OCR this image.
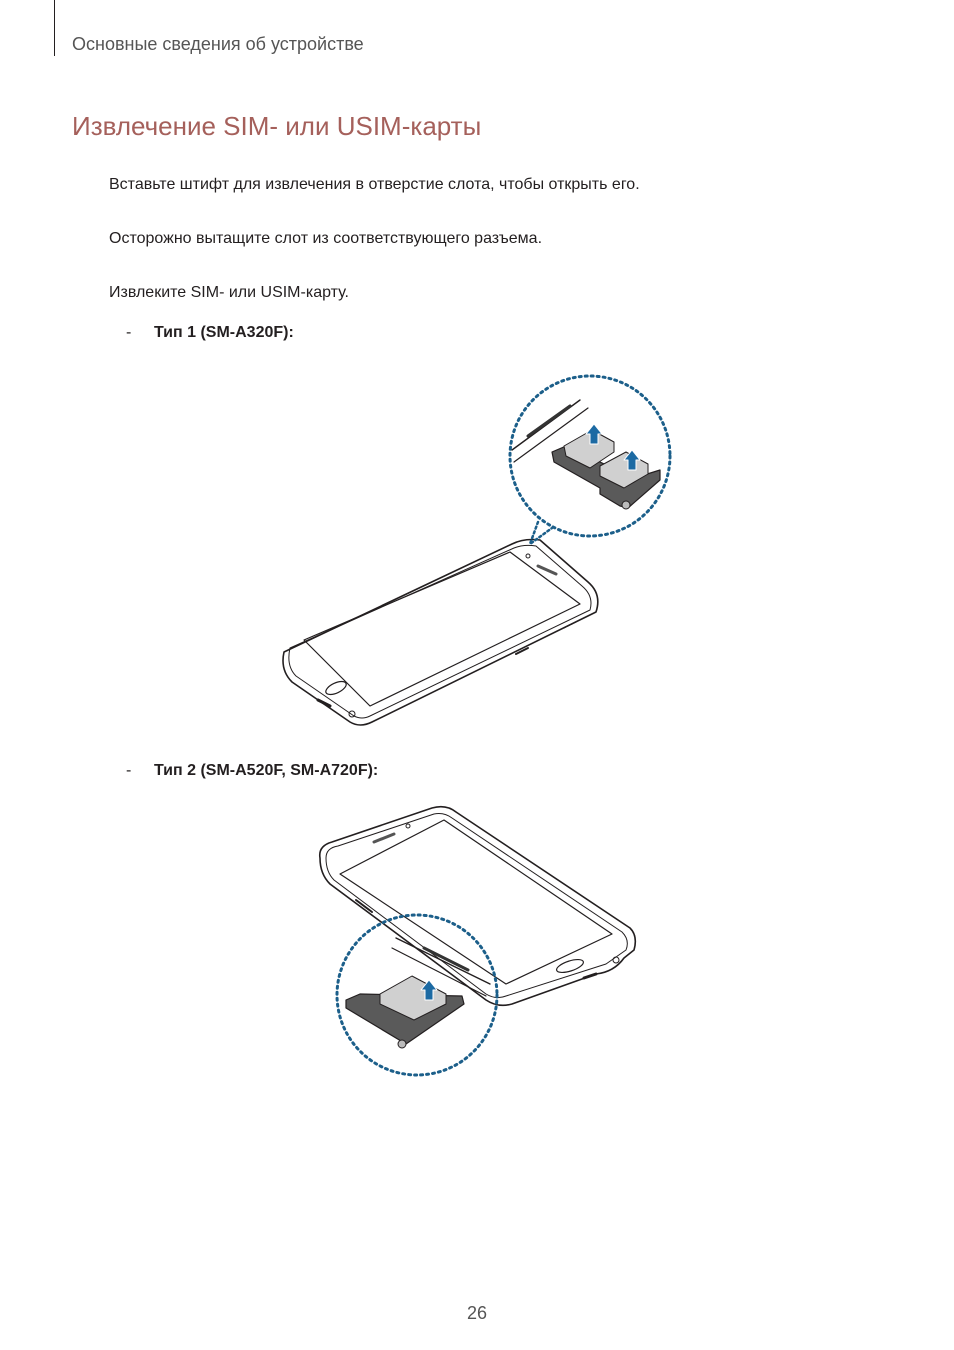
Основные сведения об устройстве
Извлечение SIM- или USIM-карты
Вставьте штифт для извлечения в отверстие слота, чтобы открыть его.
Осторожно вытащите слот из соответствующего разъема.
Извлеките SIM- или USIM-карту.
- Тип 1 (SM-A320F):
- Тип 2 (SM-A520F, SM-A720F):
26
